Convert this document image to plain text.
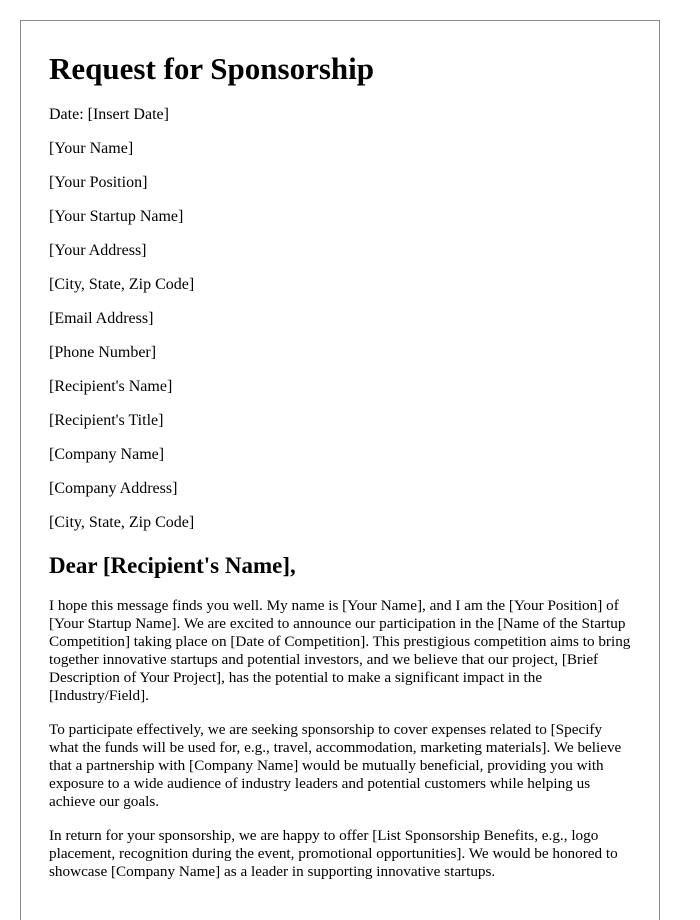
Request for Sponsorship

Date: [Insert Date]

[Your Name]

[Your Position]

[Your Startup Name]

[Your Address]

[City, State, Zip Code]

[Email Address]

[Phone Number]

[Recipient's Name]

[Recipient's Title]

[Company Name]

[Company Address]

[City, State, Zip Code]

Dear [Recipient's Name],

I hope this message finds you well. My name is [Your Name], and I am the [Your Position] of [Your Startup Name]. We are excited to announce our participation in the [Name of the Startup Competition] taking place on [Date of Competition]. This prestigious competition aims to bring together innovative startups and potential investors, and we believe that our project, [Brief Description of Your Project], has the potential to make a significant impact in the [Industry/Field].

To participate effectively, we are seeking sponsorship to cover expenses related to [Specify what the funds will be used for, e.g., travel, accommodation, marketing materials]. We believe that a partnership with [Company Name] would be mutually beneficial, providing you with exposure to a wide audience of industry leaders and potential customers while helping us achieve our goals.

In return for your sponsorship, we are happy to offer [List Sponsorship Benefits, e.g., logo placement, recognition during the event, promotional opportunities]. We would be honored to showcase [Company Name] as a leader in supporting innovative startups.
